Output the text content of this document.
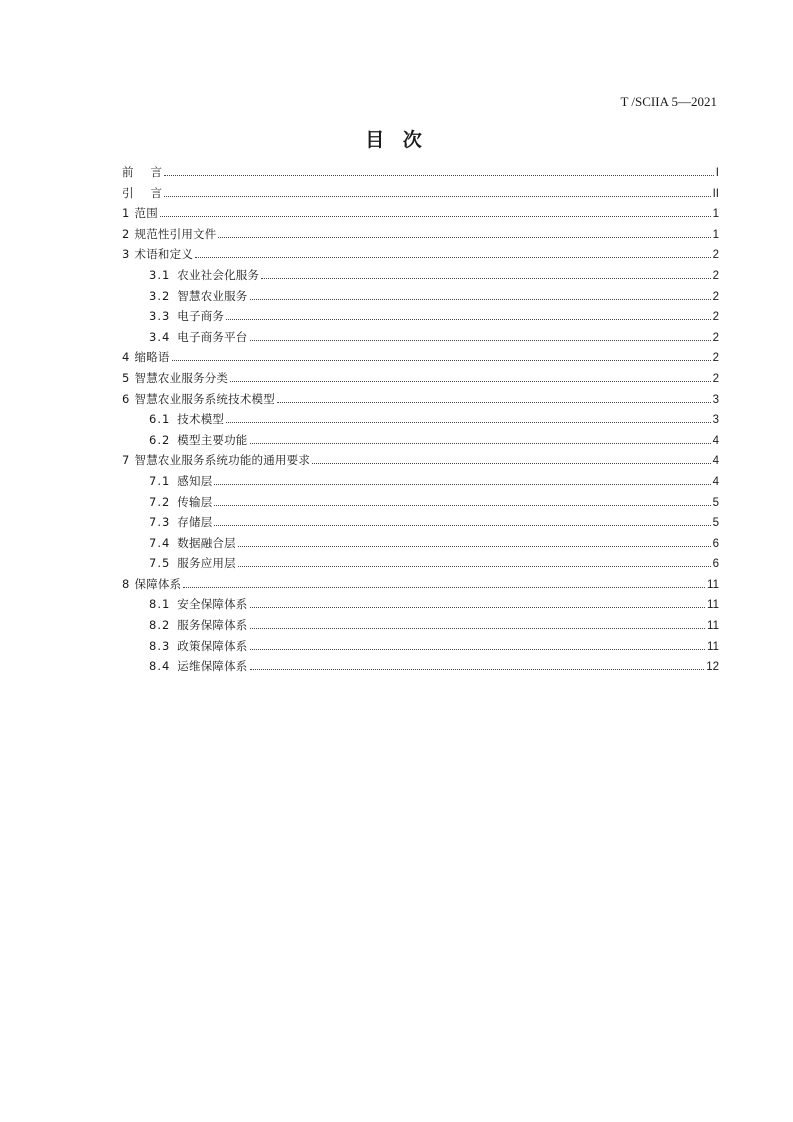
T /SCIIA 5—2021
目 次
前 言	I
引 言	II
1 范围	1
2 规范性引用文件	1
3 术语和定义	2
3.1 农业社会化服务	2
3.2 智慧农业服务	2
3.3 电子商务	2
3.4 电子商务平台	2
4 缩略语	2
5 智慧农业服务分类	2
6 智慧农业服务系统技术模型	3
6.1 技术模型	3
6.2 模型主要功能	4
7 智慧农业服务系统功能的通用要求	4
7.1 感知层	4
7.2 传输层	5
7.3 存储层	5
7.4 数据融合层	6
7.5 服务应用层	6
8 保障体系	11
8.1 安全保障体系	11
8.2 服务保障体系	11
8.3 政策保障体系	11
8.4 运维保障体系	12
